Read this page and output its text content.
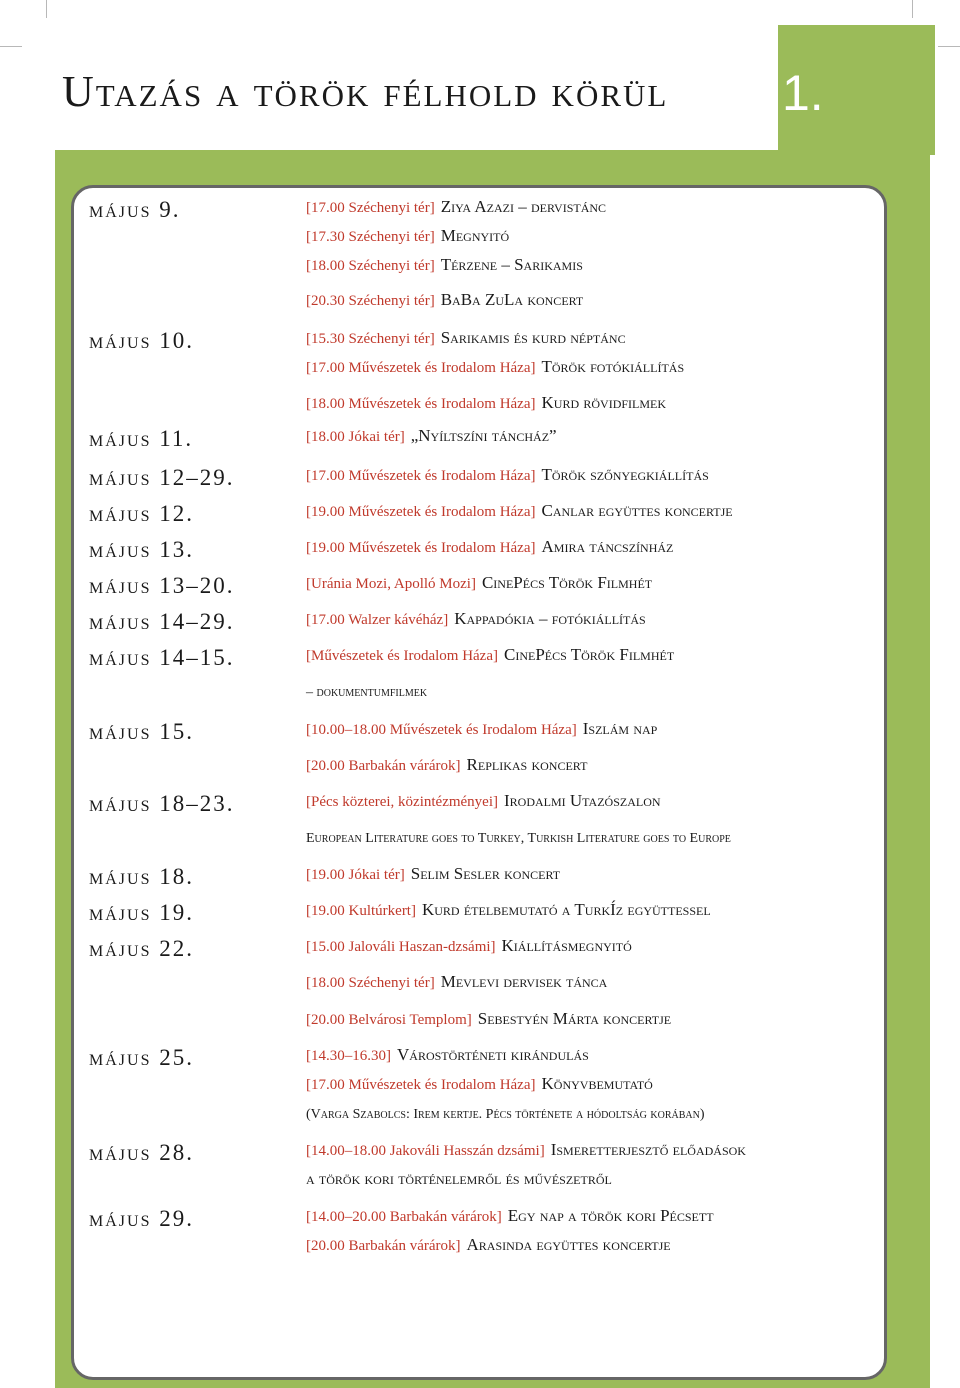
1.
Utazás a török félhold körül
május 9.	[17.00 Széchenyi tér] Ziya Azazi – dervistánc
[17.30 Széchenyi tér] Megnyitó
[18.00 Széchenyi tér] Térzene – Sarikamis
[20.30 Széchenyi tér] BaBa ZuLa koncert
május 10.	[15.30 Széchenyi tér] Sarikamis és kurd néptánc
[17.00 Művészetek és Irodalom Háza] Török fotókiállítás
[18.00 Művészetek és Irodalom Háza] Kurd rövidfilmek
május 11.	[18.00 Jókai tér] „Nyíltszíni táncház”
május 12–29.	[17.00 Művészetek és Irodalom Háza] Török szőnyegkiállítás
május 12.	[19.00 Művészetek és Irodalom Háza] Canlar együttes koncertje
május 13.	[19.00 Művészetek és Irodalom Háza] Amira táncszínház
május 13–20.	[Uránia Mozi, Apolló Mozi] CinePécs Török Filmhét
május 14–29.	[17.00 Walzer kávéház] Kappadókia – fotókiállítás
május 14–15.	[Művészetek és Irodalom Háza] CinePécs Török Filmhét
– dokumentumfilmek
május 15.	[10.00–18.00 Művészetek és Irodalom Háza] Iszlám nap
[20.00 Barbakán várárok] Replikas koncert
május 18–23.	[Pécs közterei, közintézményei] Irodalmi Utazószalon
European Literature goes to Turkey, Turkish Literature goes to Europe
május 18.	[19.00 Jókai tér] Selim Sesler koncert
május 19.	[19.00 Kultúrkert] Kurd ételbemutató a TurkÍz együttessel
május 22.	[15.00 Jalováli Haszan-dzsámi] Kiállításmegnyitó
[18.00 Széchenyi tér] Mevlevi dervisek tánca
[20.00 Belvárosi Templom] Sebestyén Márta koncertje
május 25.	[14.30–16.30] Várostörténeti kirándulás
[17.00 Művészetek és Irodalom Háza] Könyvbemutató
(Varga Szabolcs: Irem kertje. Pécs története a hódoltság korában)
május 28.	[14.00–18.00 Jakováli Hasszán dzsámi] Ismeretterjesztő előadások
a török kori történelemről és művészetről
május 29.	[14.00–20.00 Barbakán várárok] Egy nap a török kori Pécsett
[20.00 Barbakán várárok] Arasinda együttes koncertje
